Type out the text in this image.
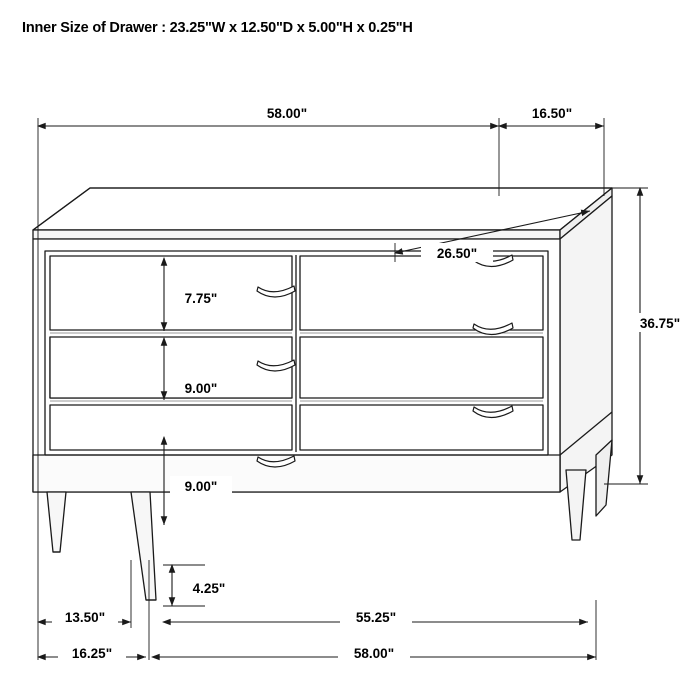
Inner Size of Drawer : 23.25"W x 12.50"D x 5.00"H x 0.25"H
58.00"	16.50"
36.75"
26.50"
7.75"
9.00"
9.00"
4.25"
13.50"	55.25"
16.25"	58.00"
